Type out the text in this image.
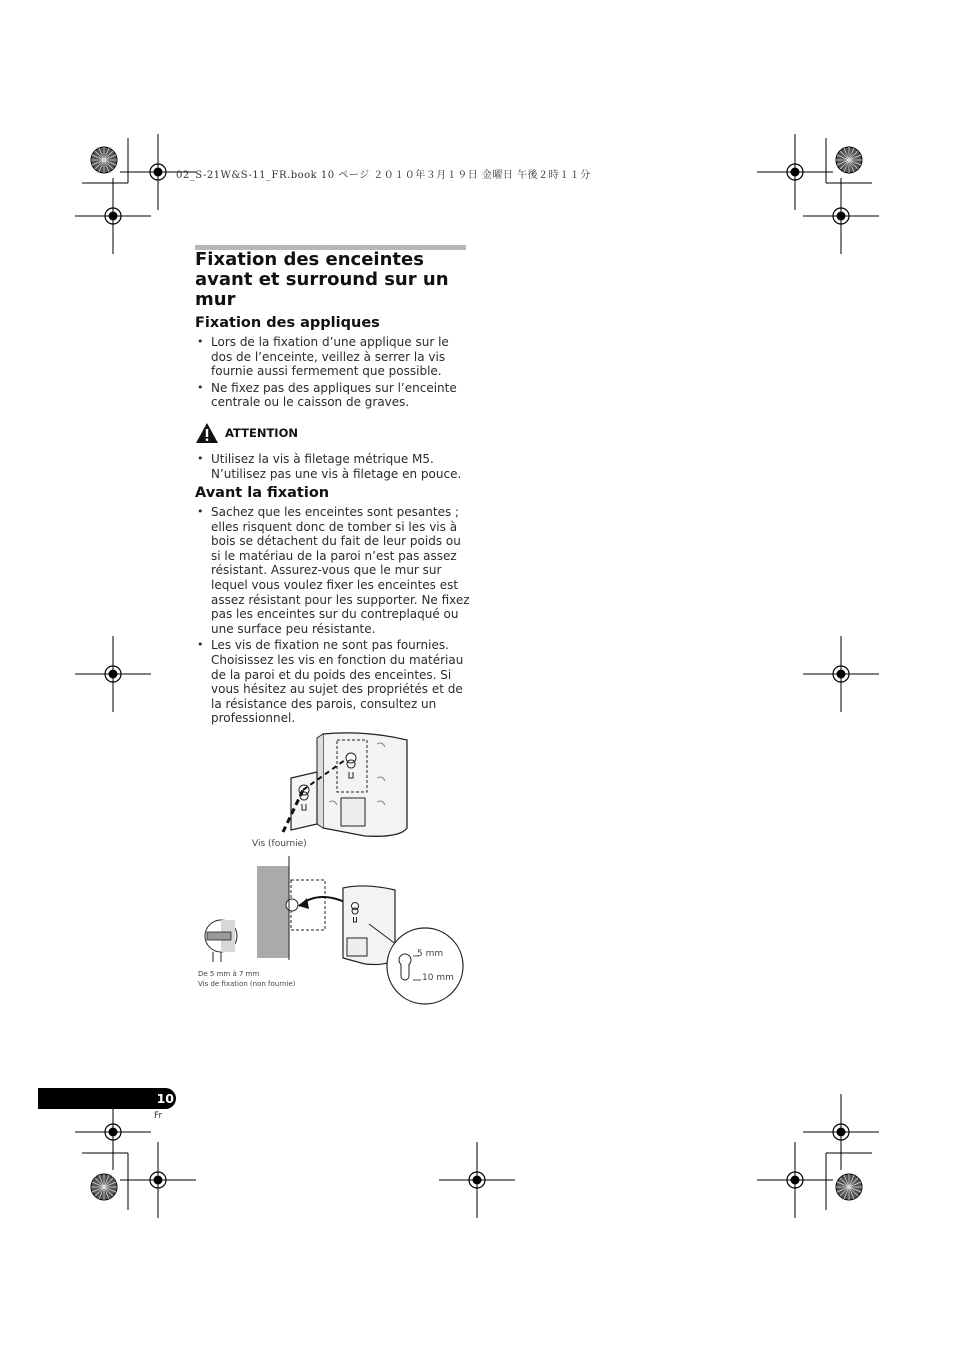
02_S-21W&S-11_FR.book 10 ページ ２０１０年３月１９日 金曜日 午後２時１１分
Fixation des enceintes avant et surround sur un mur
Fixation des appliques
• Lors de la fixation d’une applique sur le dos de l’enceinte, veillez à serrer la vis fournie aussi fermement que possible.
• Ne fixez pas des appliques sur l’enceinte centrale ou le caisson de graves.
ATTENTION
• Utilisez la vis à filetage métrique M5. N’utilisez pas une vis à filetage en pouce.
Avant la fixation
• Sachez que les enceintes sont pesantes ; elles risquent donc de tomber si les vis à bois se détachent du fait de leur poids ou si le matériau de la paroi n’est pas assez résistant. Assurez-vous que le mur sur lequel vous voulez fixer les enceintes est assez résistant pour les supporter. Ne fixez pas les enceintes sur du contreplaqué ou une surface peu résistante.
• Les vis de fixation ne sont pas fournies. Choisissez les vis en fonction du matériau de la paroi et du poids des enceintes. Si vous hésitez au sujet des propriétés et de la résistance des parois, consultez un professionnel.
Vis (fournie)
5 mm
10 mm
De 5 mm à 7 mm
Vis de fixation (non fournie)
10
Fr
